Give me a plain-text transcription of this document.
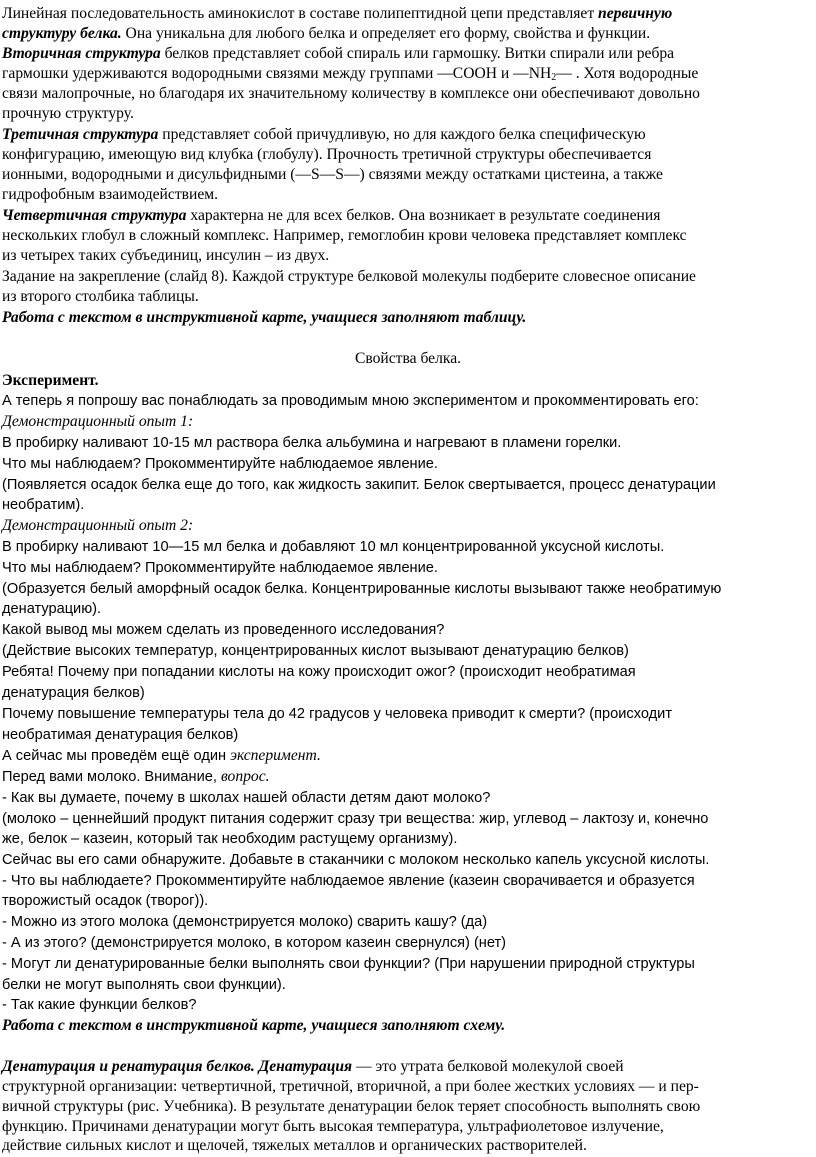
Линейная последовательность аминокислот в составе полипептидной цепи представляет первичную

структуру белка. Она уникальна для любого белка и определяет его форму, свойства и функции.

Вторичная структура белков представляет собой спираль или гармошку. Витки спирали или ребра

гармошки удерживаются водородными связями между группами —СООН и $—NH_2—$ . Хотя водородные

связи малопрочные, но благодаря их значительному количеству в комплексе они обеспечивают довольно

прочную структуру.

Третичная структура представляет собой причудливую, но для каждого белка специфическую

конфигурацию, имеющую вид клубка (глобулу). Прочность третичной структуры обеспечивается

ионными, водородными и дисульфидными (—S—S—) связями между остатками цистеина, а также

гидрофобным взаимодействием.

Четвертичная структура характерна не для всех белков. Она возникает в результате соединения

нескольких глобул в сложный комплекс. Например, гемоглобин крови человека представляет комплекс

из четырех таких субъединиц, инсулин – из двух.

Задание на закрепление (слайд 8). Каждой структуре белковой молекулы подберите словесное описание

из второго столбика таблицы.

Работа с текстом в инструктивной карте, учащиеся заполняют таблицу.

Свойства белка.

Эксперимент.

А теперь я попрошу вас понаблюдать за проводимым мною экспериментом и прокомментировать его:

Демонстрационный опыт 1:

В пробирку наливают 10-15 мл раствора белка альбумина и нагревают в пламени горелки.

Что мы наблюдаем? Прокомментируйте наблюдаемое явление.

(Появляется осадок белка еще до того, как жидкость закипит. Белок свертывается, процесс денатурации

необратим).

Демонстрационный опыт 2:

В пробирку наливают 10—15 мл белка и добавляют 10 мл концентрированной уксусной кислоты.

Что мы наблюдаем? Прокомментируйте наблюдаемое явление.

(Образуется белый аморфный осадок белка. Концентрированные кислоты вызывают также необратимую

денатурацию).

Какой вывод мы можем сделать из проведенного исследования?

(Действие высоких температур, концентрированных кислот вызывают денатурацию белков)

Ребята! Почему при попадании кислоты на кожу происходит ожог? (происходит необратимая

денатурация белков)

Почему повышение температуры тела до 42 градусов у человека приводит к смерти? (происходит

необратимая денатурация белков)

А сейчас мы проведём ещё один эксперимент.

Перед вами молоко. Внимание, вопрос.

- Как вы думаете, почему в школах нашей области детям дают молоко?

(молоко – ценнейший продукт питания содержит сразу три вещества: жир, углевод – лактозу и, конечно

же, белок – казеин, который так необходим растущему организму).

Сейчас вы его сами обнаружите. Добавьте в стаканчики с молоком несколько капель уксусной кислоты.

- Что вы наблюдаете? Прокомментируйте наблюдаемое явление (казеин сворачивается и образуется

творожистый осадок (творог)).

- Можно из этого молока (демонстрируется молоко) сварить кашу? (да)

- А из этого? (демонстрируется молоко, в котором казеин свернулся) (нет)

- Могут ли денатурированные белки выполнять свои функции? (При нарушении природной структуры

белки не могут выполнять свои функции).

- Так какие функции белков?

Работа с текстом в инструктивной карте, учащиеся заполняют схему.

Денатурация и ренатурация белков. Денатурация — это утрата белковой молекулой своей

структурной организации: четвертичной, третичной, вторичной, а при более жестких условиях — и пер-

вичной структуры (рис. Учебника). В результате денатурации белок теряет способность выполнять свою

функцию. Причинами денатурации могут быть высокая температура, ультрафиолетовое излучение,

действие сильных кислот и щелочей, тяжелых металлов и органических растворителей.
